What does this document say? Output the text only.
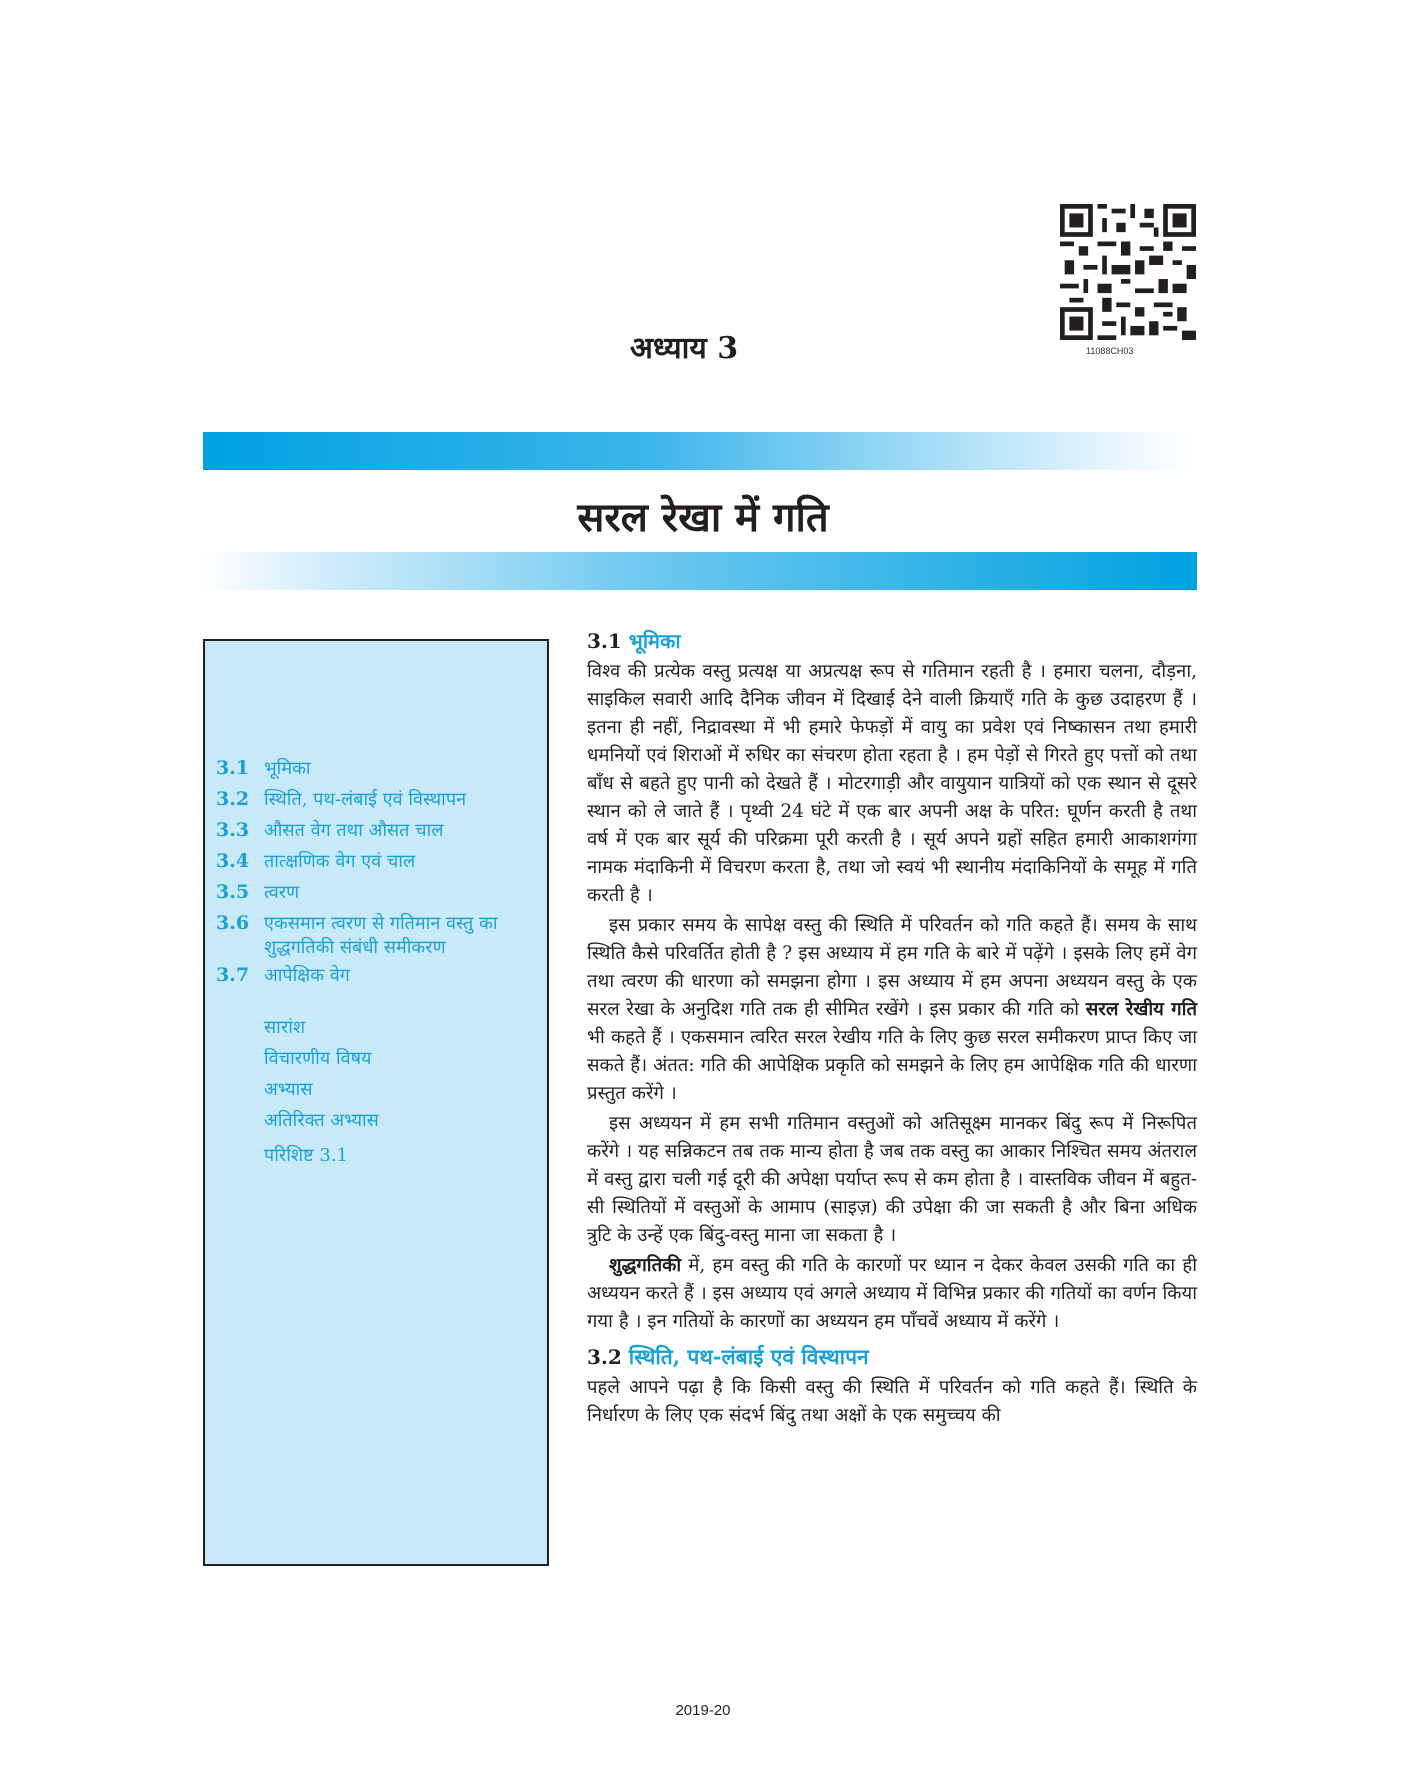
11088CH03
अध्याय 3
सरल रेखा में गति
3.1 भूमिका
3.2 स्थिति, पथ-लंबाई एवं विस्थापन
3.3 औसत वेग तथा औसत चाल
3.4 तात्क्षणिक वेग एवं चाल
3.5 त्वरण
3.6 एकसमान त्वरण से गतिमान वस्तु का शुद्धगतिकी संबंधी समीकरण
3.7 आपेक्षिक वेग
सारांश
विचारणीय विषय
अभ्यास
अतिरिक्त अभ्यास
परिशिष्ट 3.1
3.1 भूमिका

विश्व की प्रत्येक वस्तु प्रत्यक्ष या अप्रत्यक्ष रूप से गतिमान रहती है । हमारा चलना, दौड़ना, साइकिल सवारी आदि दैनिक जीवन में दिखाई देने वाली क्रियाएँ गति के कुछ उदाहरण हैं । इतना ही नहीं, निद्रावस्था में भी हमारे फेफड़ों में वायु का प्रवेश एवं निष्कासन तथा हमारी धमनियों एवं शिराओं में रुधिर का संचरण होता रहता है । हम पेड़ों से गिरते हुए पत्तों को तथा बाँध से बहते हुए पानी को देखते हैं । मोटरगाड़ी और वायुयान यात्रियों को एक स्थान से दूसरे स्थान को ले जाते हैं । पृथ्वी 24 घंटे में एक बार अपनी अक्ष के परित: घूर्णन करती है तथा वर्ष में एक बार सूर्य की परिक्रमा पूरी करती है । सूर्य अपने ग्रहों सहित हमारी आकाशगंगा नामक मंदाकिनी में विचरण करता है, तथा जो स्वयं भी स्थानीय मंदाकिनियों के समूह में गति करती है ।

इस प्रकार समय के सापेक्ष वस्तु की स्थिति में परिवर्तन को गति कहते हैं। समय के साथ स्थिति कैसे परिवर्तित होती है ? इस अध्याय में हम गति के बारे में पढ़ेंगे । इसके लिए हमें वेग तथा त्वरण की धारणा को समझना होगा । इस अध्याय में हम अपना अध्ययन वस्तु के एक सरल रेखा के अनुदिश गति तक ही सीमित रखेंगे । इस प्रकार की गति को सरल रेखीय गति भी कहते हैं । एकसमान त्वरित सरल रेखीय गति के लिए कुछ सरल समीकरण प्राप्त किए जा सकते हैं। अंतत: गति की आपेक्षिक प्रकृति को समझने के लिए हम आपेक्षिक गति की धारणा प्रस्तुत करेंगे ।

इस अध्ययन में हम सभी गतिमान वस्तुओं को अतिसूक्ष्म मानकर बिंदु रूप में निरूपित करेंगे । यह सन्निकटन तब तक मान्य होता है जब तक वस्तु का आकार निश्चित समय अंतराल में वस्तु द्वारा चली गई दूरी की अपेक्षा पर्याप्त रूप से कम होता है । वास्तविक जीवन में बहुत-सी स्थितियों में वस्तुओं के आमाप (साइज़) की उपेक्षा की जा सकती है और बिना अधिक त्रुटि के उन्हें एक बिंदु-वस्तु माना जा सकता है ।

शुद्धगतिकी में, हम वस्तु की गति के कारणों पर ध्यान न देकर केवल उसकी गति का ही अध्ययन करते हैं । इस अध्याय एवं अगले अध्याय में विभिन्न प्रकार की गतियों का वर्णन किया गया है । इन गतियों के कारणों का अध्ययन हम पाँचवें अध्याय में करेंगे ।

3.2 स्थिति, पथ-लंबाई एवं विस्थापन

पहले आपने पढ़ा है कि किसी वस्तु की स्थिति में परिवर्तन को गति कहते हैं। स्थिति के निर्धारण के लिए एक संदर्भ बिंदु तथा अक्षों के एक समुच्चय की

2019-20
